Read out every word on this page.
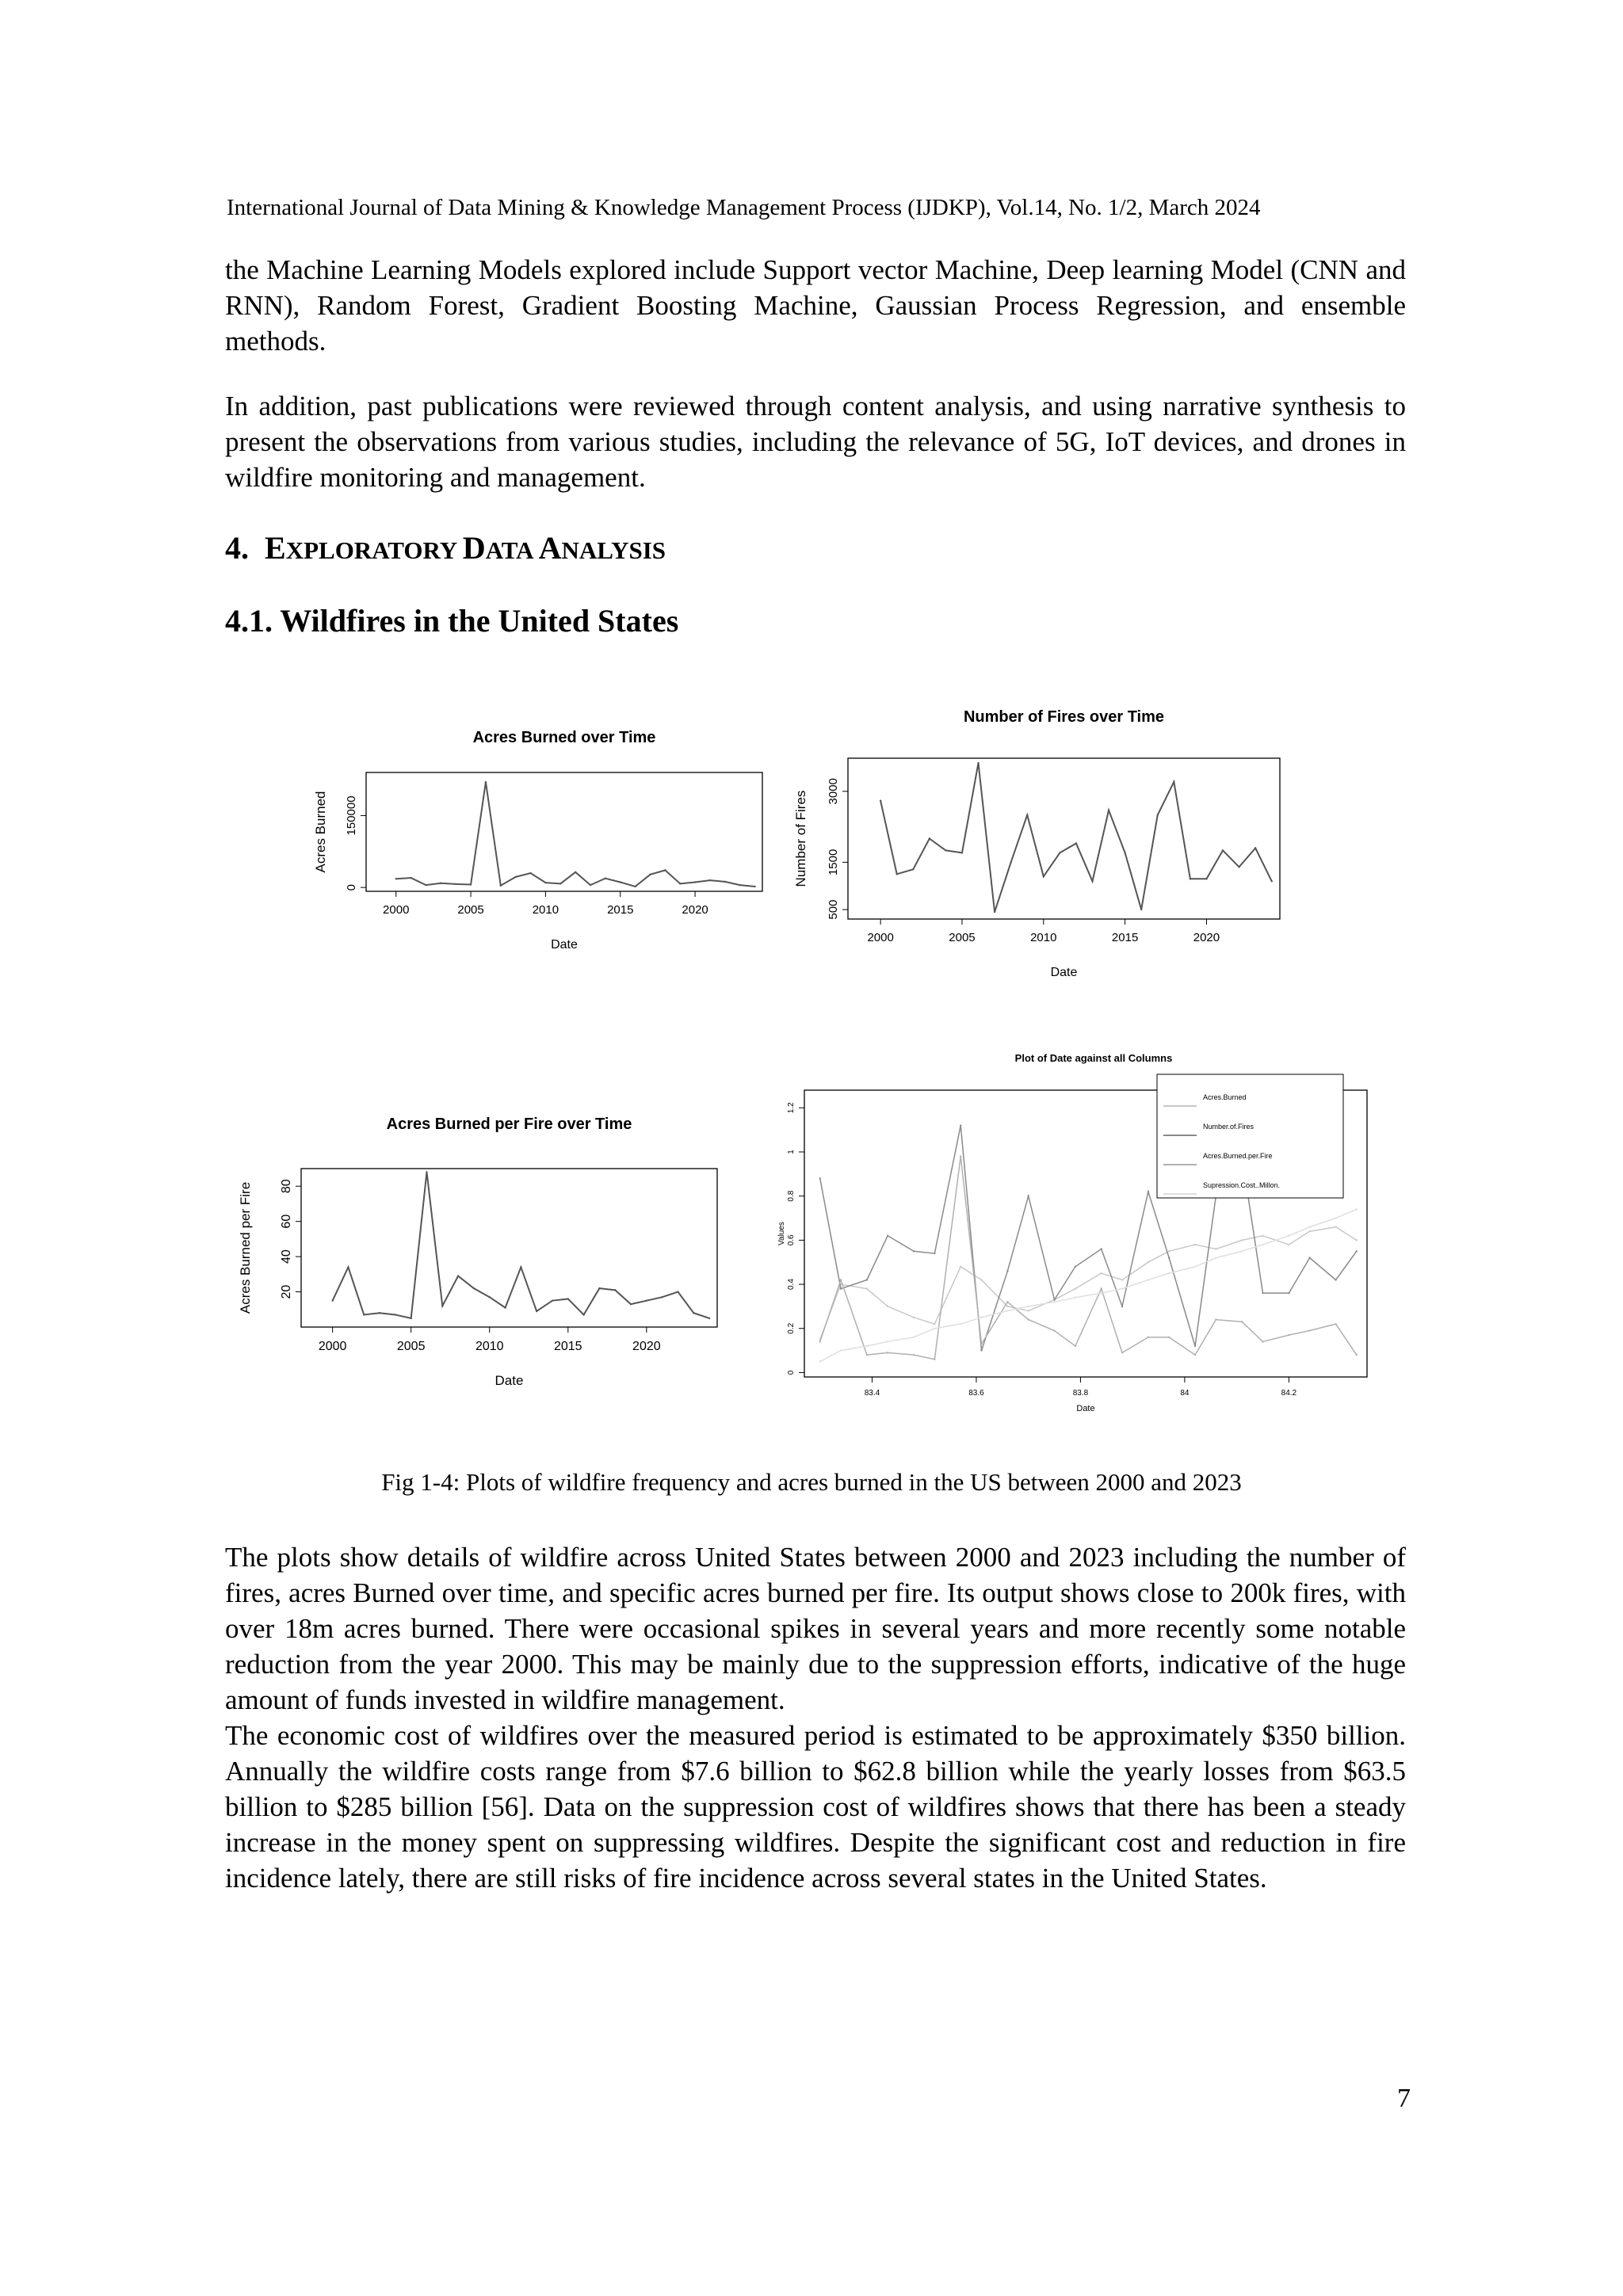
International Journal of Data Mining & Knowledge Management Process (IJDKP), Vol.14, No. 1/2, March 2024

the Machine Learning Models explored include Support vector Machine, Deep learning Model (CNN and RNN), Random Forest, Gradient Boosting Machine, Gaussian Process Regression, and ensemble methods.

In addition, past publications were reviewed through content analysis, and using narrative synthesis to present the observations from various studies, including the relevance of 5G, IoT devices, and drones in wildfire monitoring and management.

4. EXPLORATORY DATA ANALYSIS
4.1. Wildfires in the United States
Acres Burned over Time
2000	2005	2010	2015	2020
0
150000
Date
Acres Burned
Number of Fires over Time
2000	2005	2010	2015	2020
500
1500
3000
Date
Number of Fires
Acres Burned per Fire over Time
2000	2005	2010	2015	2020
20
40
60
80
Date
Acres Burned per Fire
Plot of Date against all Columns
83.4	83.6	83.8	84	84.2
0
0.2
0.4
0.6
0.8
1
1.2
Date
Values
Acres.Burned
Number.of.Fires
Acres.Burned.per.Fire
Supression.Cost..Millon.
Fig 1-4: Plots of wildfire frequency and acres burned in the US between 2000 and 2023

The plots show details of wildfire across United States between 2000 and 2023 including the number of fires, acres Burned over time, and specific acres burned per fire. Its output shows close to 200k fires, with over 18m acres burned. There were occasional spikes in several years and more recently some notable reduction from the year 2000. This may be mainly due to the suppression efforts, indicative of the huge amount of funds invested in wildfire management.

The economic cost of wildfires over the measured period is estimated to be approximately $350 billion. Annually the wildfire costs range from $7.6 billion to $62.8 billion while the yearly losses from $63.5 billion to $285 billion [56]. Data on the suppression cost of wildfires shows that there has been a steady increase in the money spent on suppressing wildfires. Despite the significant cost and reduction in fire incidence lately, there are still risks of fire incidence across several states in the United States.

7
